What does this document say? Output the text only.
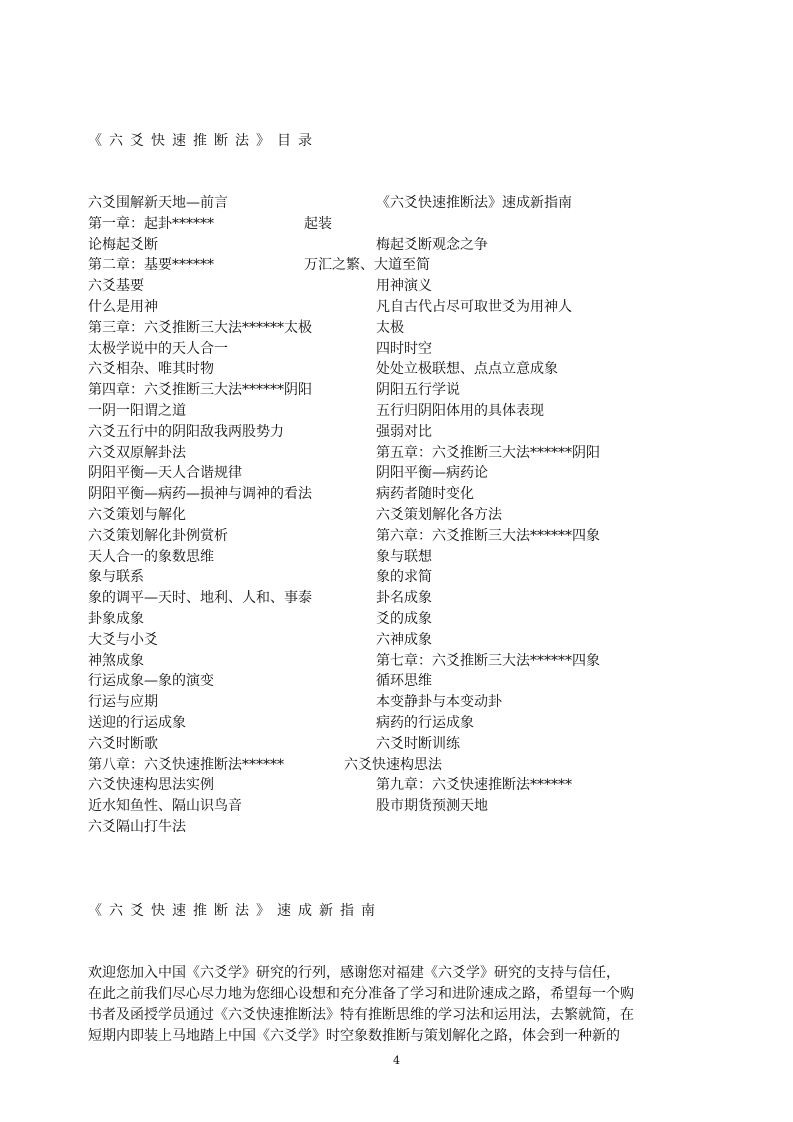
《六爻快速推断法》目录
六爻围解新天地—前言	《六爻快速推断法》速成新指南
第一章：起卦******	起装
论梅起爻断	梅起爻断观念之争
第二章：基要******	万汇之繁、大道至简
六爻基要	用神演义
什么是用神	凡自古代占尽可取世爻为用神人
第三章：六爻推断三大法******太极	太极
太极学说中的天人合一	四时时空
六爻相杂、唯其时物	处处立极联想、点点立意成象
第四章：六爻推断三大法******阴阳	阴阳五行学说
一阴一阳谓之道	五行归阴阳体用的具体表现
六爻五行中的阴阳敌我两股势力	强弱对比
六爻双原解卦法	第五章：六爻推断三大法******阴阳
阴阳平衡—天人合谐规律	阴阳平衡—病药论
阴阳平衡—病药—损神与调神的看法	病药者随时变化
六爻策划与解化	六爻策划解化各方法
六爻策划解化卦例赏析	第六章：六爻推断三大法******四象
天人合一的象数思维	象与联想
象与联系	象的求简
象的调平—天时、地利、人和、事泰	卦名成象
卦象成象	爻的成象
大爻与小爻	六神成象
神煞成象	第七章：六爻推断三大法******四象
行运成象—象的演变	循环思维
行运与应期	本变静卦与本变动卦
送迎的行运成象	病药的行运成象
六爻时断歌	六爻时断训练
第八章：六爻快速推断法******	六爻快速构思法
六爻快速构思法实例	第九章：六爻快速推断法******
近水知鱼性、隔山识鸟音	股市期货预测天地
六爻隔山打牛法
《六爻快速推断法》速成新指南

欢迎您加入中国《六爻学》研究的行列，感谢您对福建《六爻学》研究的支持与信任，

在此之前我们尽心尽力地为您细心设想和充分准备了学习和进阶速成之路，希望每一个购

书者及函授学员通过《六爻快速推断法》特有推断思维的学习法和运用法，去繁就简，在

短期内即装上马地踏上中国《六爻学》时空象数推断与策划解化之路，体会到一种新的

4
